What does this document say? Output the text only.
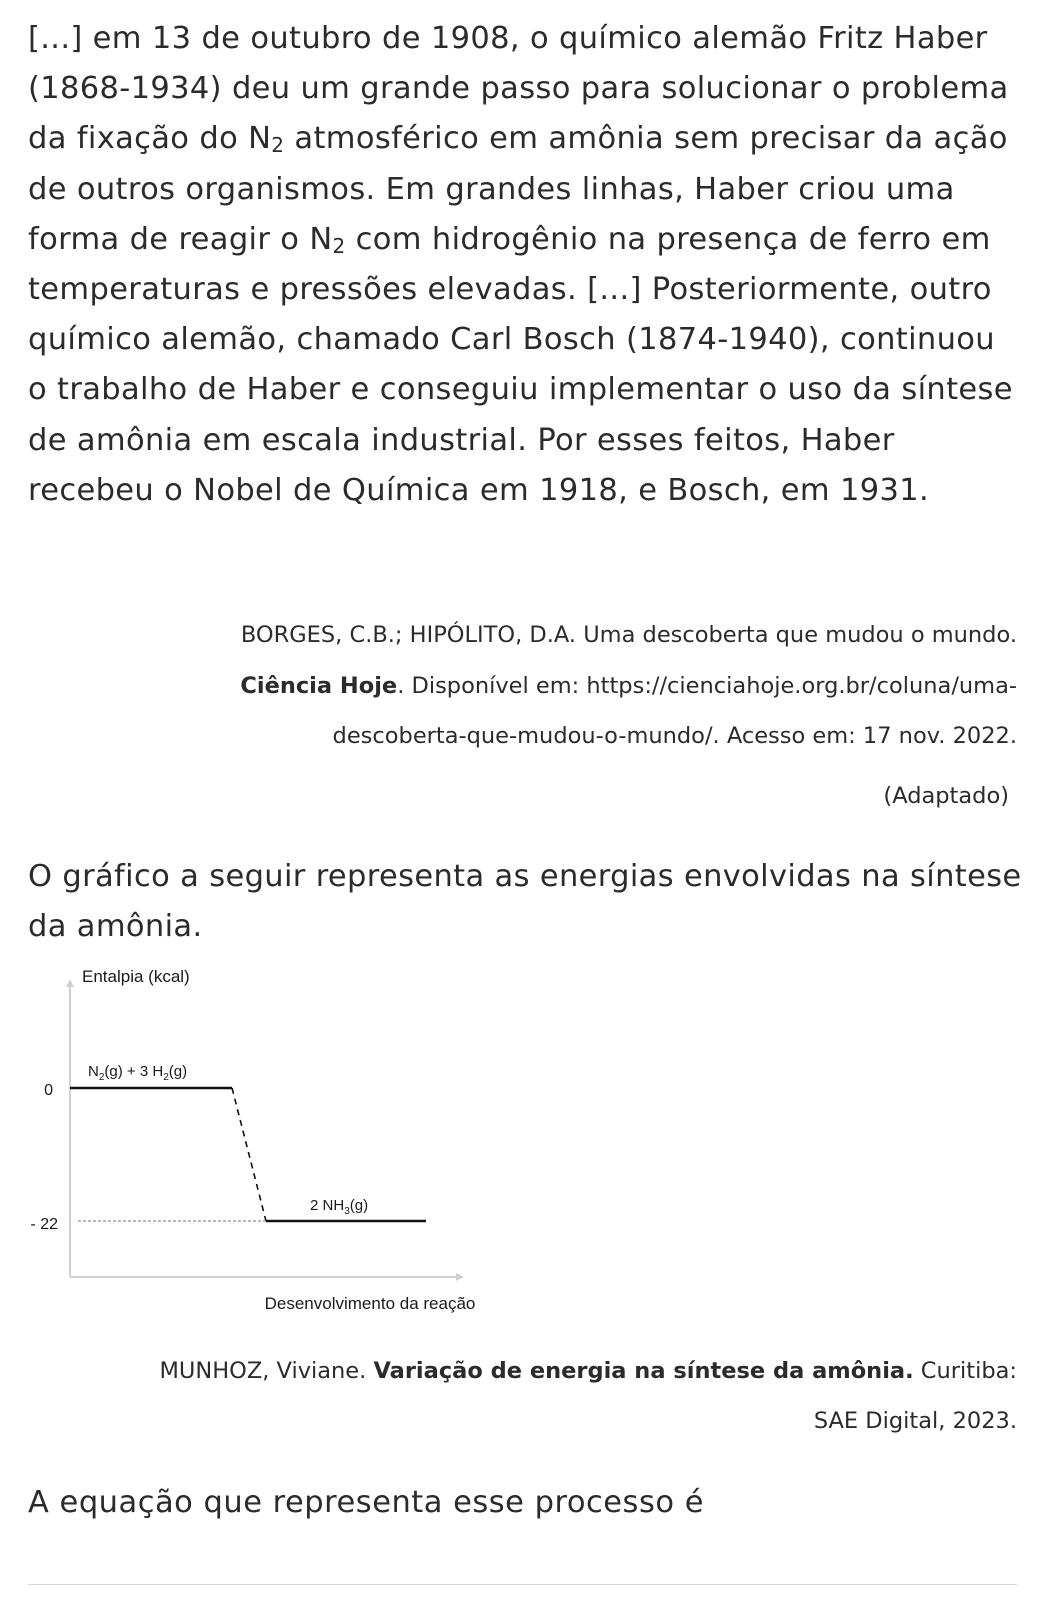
[...] em 13 de outubro de 1908, o químico alemão Fritz Haber (1868-1934) deu um grande passo para solucionar o problema da fixação do $N_2$ atmosférico em amônia sem precisar da ação de outros organismos. Em grandes linhas, Haber criou uma forma de reagir o $N_2$ com hidrogênio na presença de ferro em temperaturas e pressões elevadas. [...] Posteriormente, outro químico alemão, chamado Carl Bosch (1874-1940), continuou o trabalho de Haber e conseguiu implementar o uso da síntese de amônia em escala industrial. Por esses feitos, Haber recebeu o Nobel de Química em 1918, e Bosch, em 1931.

BORGES, C.B.; HIPÓLITO, D.A. Uma descoberta que mudou o mundo.

Ciência Hoje. Disponível em: https://cienciahoje.org.br/coluna/uma-

descoberta-que-mudou-o-mundo/. Acesso em: 17 nov. 2022.

(Adaptado)

O gráfico a seguir representa as energias envolvidas na síntese da amônia.

Entalpia (kcal)
Desenvolvimento da reação
0
- 22
$N_2(g) + 3$ $H_2(g)$
2 $NH_3(g)$

MUNHOZ, Viviane. Variação de energia na síntese da amônia. Curitiba:

SAE Digital, 2023.

A equação que representa esse processo é
